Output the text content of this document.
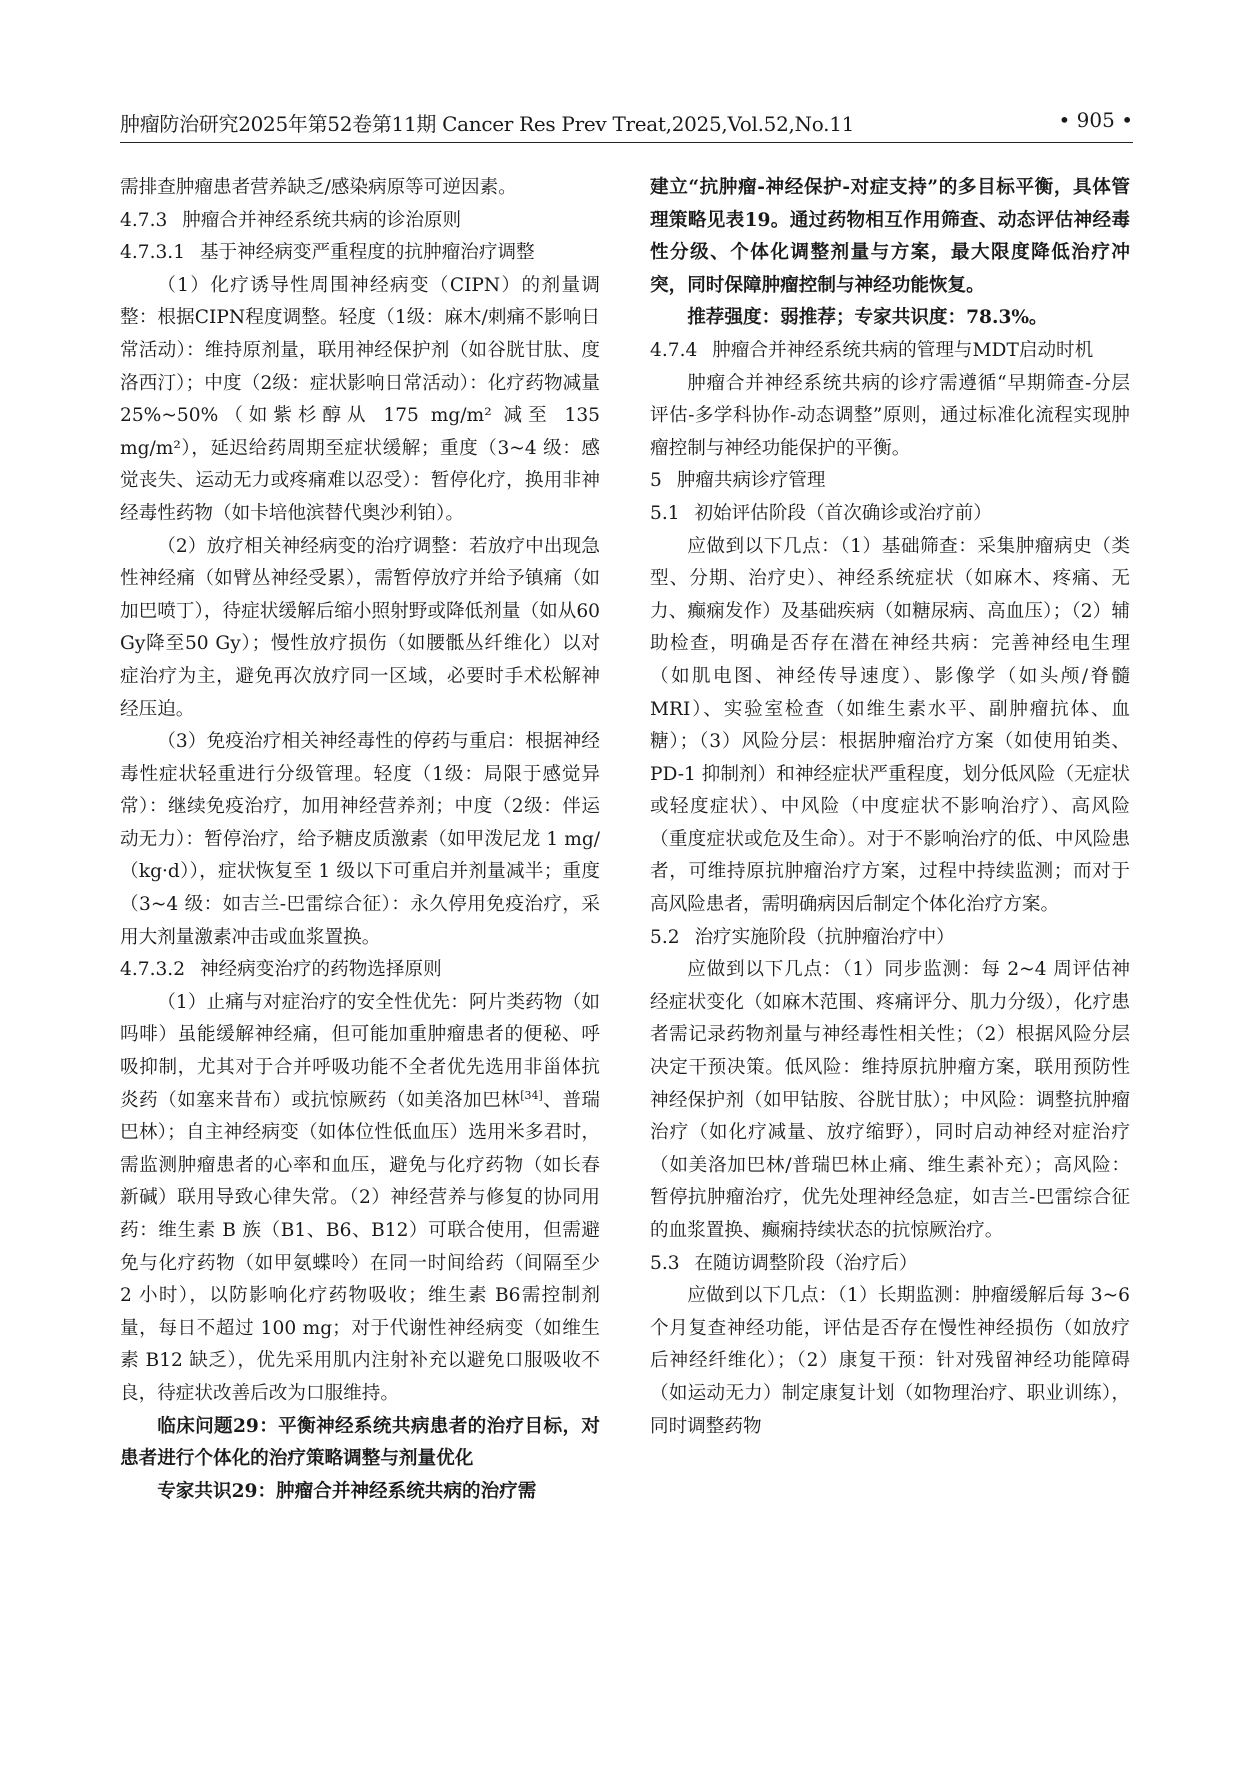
肿瘤防治研究2025年第52卷第11期 Cancer Res Prev Treat,2025,Vol.52,No.11	• 905 •

需排查肿瘤患者营养缺乏/感染病原等可逆因素。

4.7.3 肿瘤合并神经系统共病的诊治原则
4.7.3.1 基于神经病变严重程度的抗肿瘤治疗调整

（1）化疗诱导性周围神经病变（CIPN）的剂量调整：根据CIPN程度调整。轻度（1级：麻木/刺痛不影响日常活动）：维持原剂量，联用神经保护剂（如谷胱甘肽、度洛西汀）；中度（2级：症状影响日常活动）：化疗药物减量 25%~50%（如紫杉醇从 175 mg/m² 减至 135 mg/m²），延迟给药周期至症状缓解；重度（3~4 级：感觉丧失、运动无力或疼痛难以忍受）：暂停化疗，换用非神经毒性药物（如卡培他滨替代奥沙利铂）。

（2）放疗相关神经病变的治疗调整：若放疗中出现急性神经痛（如臂丛神经受累），需暂停放疗并给予镇痛（如加巴喷丁），待症状缓解后缩小照射野或降低剂量（如从60 Gy降至50 Gy）；慢性放疗损伤（如腰骶丛纤维化）以对症治疗为主，避免再次放疗同一区域，必要时手术松解神经压迫。

（3）免疫治疗相关神经毒性的停药与重启：根据神经毒性症状轻重进行分级管理。轻度（1级：局限于感觉异常）：继续免疫治疗，加用神经营养剂；中度（2级：伴运动无力）：暂停治疗，给予糖皮质激素（如甲泼尼龙 1 mg/（kg·d）），症状恢复至 1 级以下可重启并剂量减半；重度（3~4 级：如吉兰-巴雷综合征）：永久停用免疫治疗，采用大剂量激素冲击或血浆置换。

4.7.3.2 神经病变治疗的药物选择原则

（1）止痛与对症治疗的安全性优先：阿片类药物（如吗啡）虽能缓解神经痛，但可能加重肿瘤患者的便秘、呼吸抑制，尤其对于合并呼吸功能不全者优先选用非甾体抗炎药（如塞来昔布）或抗惊厥药（如美洛加巴林[34]、普瑞巴林）；自主神经病变（如体位性低血压）选用米多君时，需监测肿瘤患者的心率和血压，避免与化疗药物（如长春新碱）联用导致心律失常。（2）神经营养与修复的协同用药：维生素 B 族（B1、B6、B12）可联合使用，但需避免与化疗药物（如甲氨蝶呤）在同一时间给药（间隔至少 2 小时），以防影响化疗药物吸收；维生素 B6需控制剂量，每日不超过 100 mg；对于代谢性神经病变（如维生素 B12 缺乏），优先采用肌内注射补充以避免口服吸收不良，待症状改善后改为口服维持。

临床问题29：平衡神经系统共病患者的治疗目标，对患者进行个体化的治疗策略调整与剂量优化

专家共识29：肿瘤合并神经系统共病的治疗需

建立“抗肿瘤-神经保护-对症支持”的多目标平衡，具体管理策略见表19。通过药物相互作用筛查、动态评估神经毒性分级、个体化调整剂量与方案，最大限度降低治疗冲突，同时保障肿瘤控制与神经功能恢复。

推荐强度：弱推荐；专家共识度：78.3%。

4.7.4 肿瘤合并神经系统共病的管理与MDT启动时机

肿瘤合并神经系统共病的诊疗需遵循“早期筛查-分层评估-多学科协作-动态调整”原则，通过标准化流程实现肿瘤控制与神经功能保护的平衡。

5 肿瘤共病诊疗管理
5.1 初始评估阶段（首次确诊或治疗前）

应做到以下几点：（1）基础筛查：采集肿瘤病史（类型、分期、治疗史）、神经系统症状（如麻木、疼痛、无力、癫痫发作）及基础疾病（如糖尿病、高血压）；（2）辅助检查，明确是否存在潜在神经共病：完善神经电生理（如肌电图、神经传导速度）、影像学（如头颅/脊髓 MRI）、实验室检查（如维生素水平、副肿瘤抗体、血糖）；（3）风险分层：根据肿瘤治疗方案（如使用铂类、PD-1 抑制剂）和神经症状严重程度，划分低风险（无症状或轻度症状）、中风险（中度症状不影响治疗）、高风险（重度症状或危及生命）。对于不影响治疗的低、中风险患者，可维持原抗肿瘤治疗方案，过程中持续监测；而对于高风险患者，需明确病因后制定个体化治疗方案。

5.2 治疗实施阶段（抗肿瘤治疗中）

应做到以下几点：（1）同步监测：每 2~4 周评估神经症状变化（如麻木范围、疼痛评分、肌力分级），化疗患者需记录药物剂量与神经毒性相关性；（2）根据风险分层决定干预决策。低风险：维持原抗肿瘤方案，联用预防性神经保护剂（如甲钴胺、谷胱甘肽）；中风险：调整抗肿瘤治疗（如化疗减量、放疗缩野），同时启动神经对症治疗（如美洛加巴林/普瑞巴林止痛、维生素补充）；高风险：暂停抗肿瘤治疗，优先处理神经急症，如吉兰-巴雷综合征的血浆置换、癫痫持续状态的抗惊厥治疗。

5.3 在随访调整阶段（治疗后）

应做到以下几点：（1）长期监测：肿瘤缓解后每 3~6 个月复查神经功能，评估是否存在慢性神经损伤（如放疗后神经纤维化）；（2）康复干预：针对残留神经功能障碍（如运动无力）制定康复计划（如物理治疗、职业训练），同时调整药物
